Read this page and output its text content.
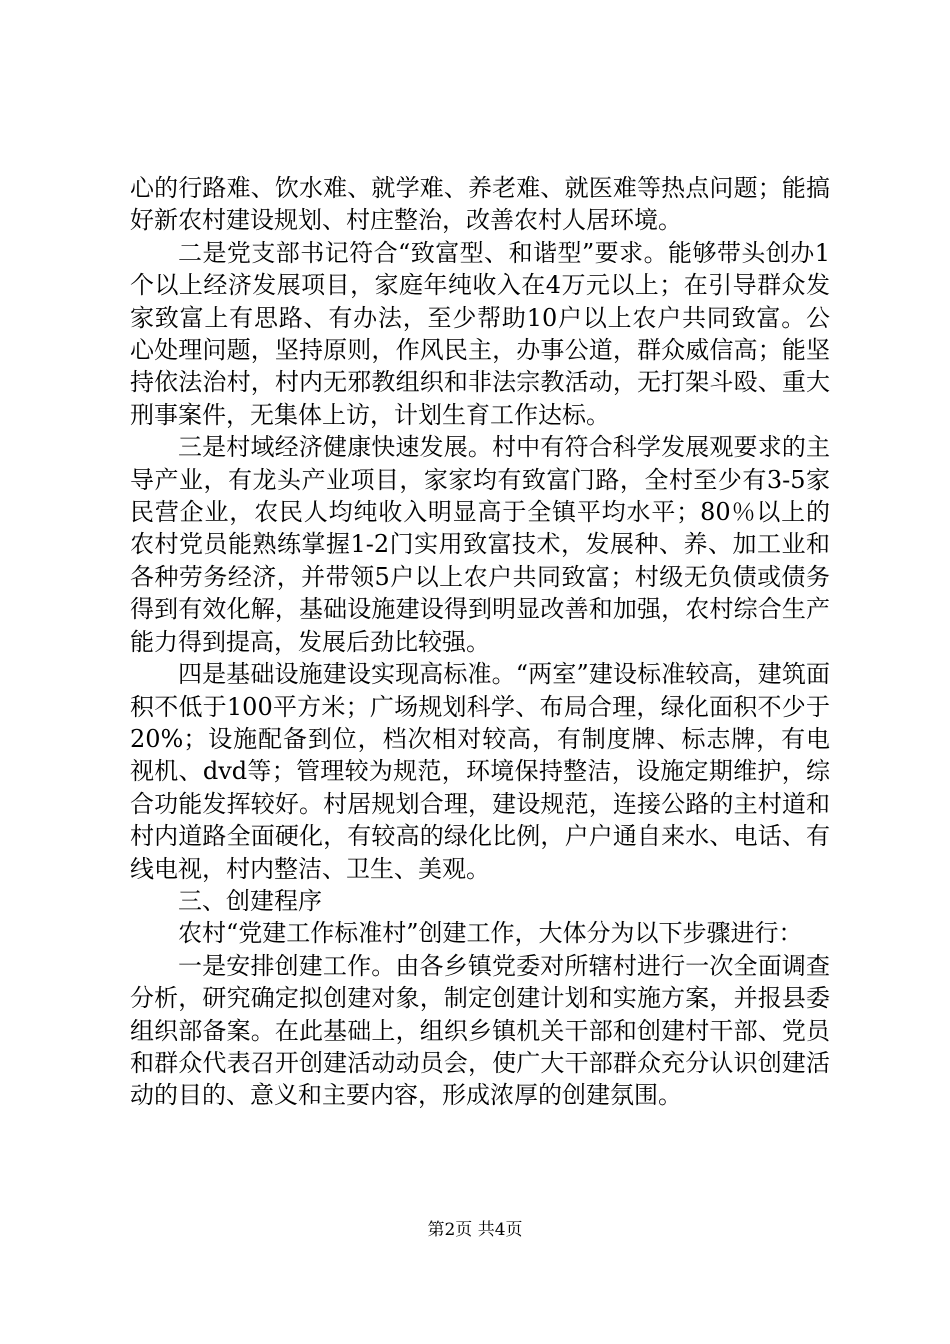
心的行路难、饮水难、就学难、养老难、就医难等热点问题；能搞好新农村建设规划、村庄整治，改善农村人居环境。

二是党支部书记符合“致富型、和谐型”要求。能够带头创办1个以上经济发展项目，家庭年纯收入在4万元以上；在引导群众发家致富上有思路、有办法，至少帮助10户以上农户共同致富。公心处理问题，坚持原则，作风民主，办事公道，群众威信高；能坚持依法治村，村内无邪教组织和非法宗教活动，无打架斗殴、重大刑事案件，无集体上访，计划生育工作达标。

三是村域经济健康快速发展。村中有符合科学发展观要求的主导产业，有龙头产业项目，家家均有致富门路，全村至少有3-5家民营企业，农民人均纯收入明显高于全镇平均水平；80％以上的农村党员能熟练掌握1-2门实用致富技术，发展种、养、加工业和各种劳务经济，并带领5户以上农户共同致富；村级无负债或债务得到有效化解，基础设施建设得到明显改善和加强，农村综合生产能力得到提高，发展后劲比较强。

四是基础设施建设实现高标准。“两室”建设标准较高，建筑面积不低于100平方米；广场规划科学、布局合理，绿化面积不少于20%；设施配备到位，档次相对较高，有制度牌、标志牌，有电视机、dvd等；管理较为规范，环境保持整洁，设施定期维护，综合功能发挥较好。村居规划合理，建设规范，连接公路的主村道和村内道路全面硬化，有较高的绿化比例，户户通自来水、电话、有线电视，村内整洁、卫生、美观。

三、创建程序

农村“党建工作标准村”创建工作，大体分为以下步骤进行：

一是安排创建工作。由各乡镇党委对所辖村进行一次全面调查分析，研究确定拟创建对象，制定创建计划和实施方案，并报县委组织部备案。在此基础上，组织乡镇机关干部和创建村干部、党员和群众代表召开创建活动动员会，使广大干部群众充分认识创建活动的目的、意义和主要内容，形成浓厚的创建氛围。

第2页 共4页
